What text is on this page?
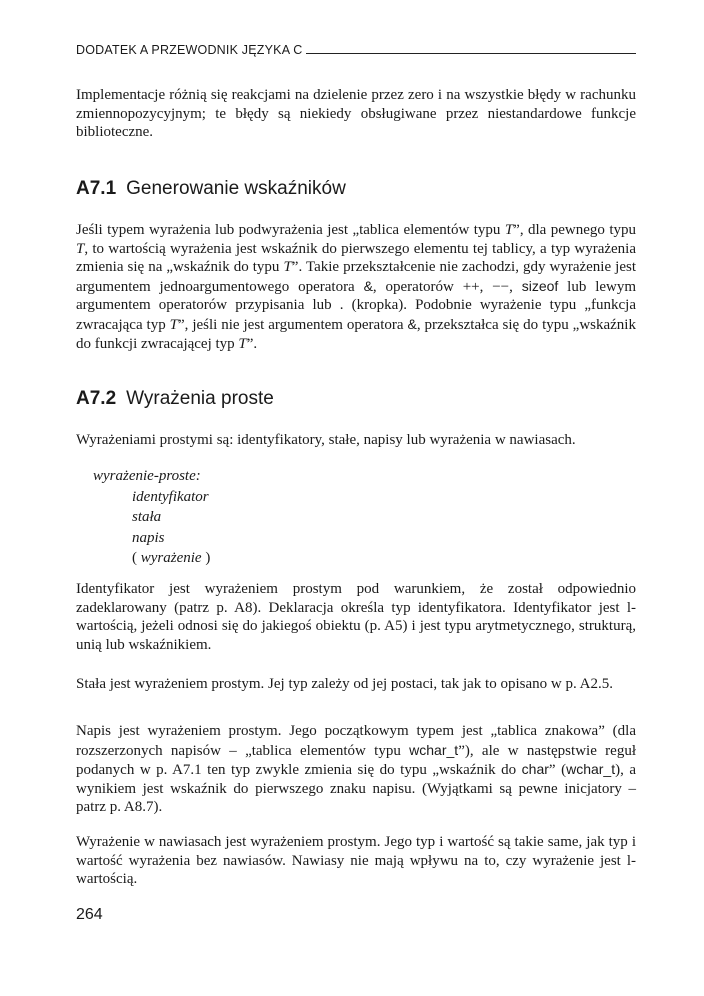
DODATEK A PRZEWODNIK JĘZYKA C

Implementacje różnią się reakcjami na dzielenie przez zero i na wszystkie błędy w rachunku zmiennopozycyjnym; te błędy są niekiedy obsługiwane przez niestandardowe funkcje biblioteczne.

A7.1 Generowanie wskaźników

Jeśli typem wyrażenia lub podwyrażenia jest „tablica elementów typu T”, dla pewnego typu T, to wartością wyrażenia jest wskaźnik do pierwszego elementu tej tablicy, a typ wyrażenia zmienia się na „wskaźnik do typu T”. Takie przekształcenie nie zachodzi, gdy wyrażenie jest argumentem jednoargumentowego operatora &, operatorów ++, −−, sizeof lub lewym argumentem operatorów przypisania lub . (kropka). Podobnie wyrażenie typu „funkcja zwracająca typ T”, jeśli nie jest argumentem operatora &, przekształca się do typu „wskaźnik do funkcji zwracającej typ T”.

A7.2 Wyrażenia proste

Wyrażeniami prostymi są: identyfikatory, stałe, napisy lub wyrażenia w nawiasach.

wyrażenie-proste:
identyfikator
stała
napis
( wyrażenie )

Identyfikator jest wyrażeniem prostym pod warunkiem, że został odpowiednio zadeklarowany (patrz p. A8). Deklaracja określa typ identyfikatora. Identyfikator jest l-wartością, jeżeli odnosi się do jakiegoś obiektu (p. A5) i jest typu arytmetycznego, strukturą, unią lub wskaźnikiem.

Stała jest wyrażeniem prostym. Jej typ zależy od jej postaci, tak jak to opisano w p. A2.5.

Napis jest wyrażeniem prostym. Jego początkowym typem jest „tablica znakowa” (dla rozszerzonych napisów – „tablica elementów typu wchar_t”), ale w następstwie reguł podanych w p. A7.1 ten typ zwykle zmienia się do typu „wskaźnik do char” (wchar_t), a wynikiem jest wskaźnik do pierwszego znaku napisu. (Wyjątkami są pewne inicjatory – patrz p. A8.7).

Wyrażenie w nawiasach jest wyrażeniem prostym. Jego typ i wartość są takie same, jak typ i wartość wyrażenia bez nawiasów. Nawiasy nie mają wpływu na to, czy wyrażenie jest l-wartością.

264
